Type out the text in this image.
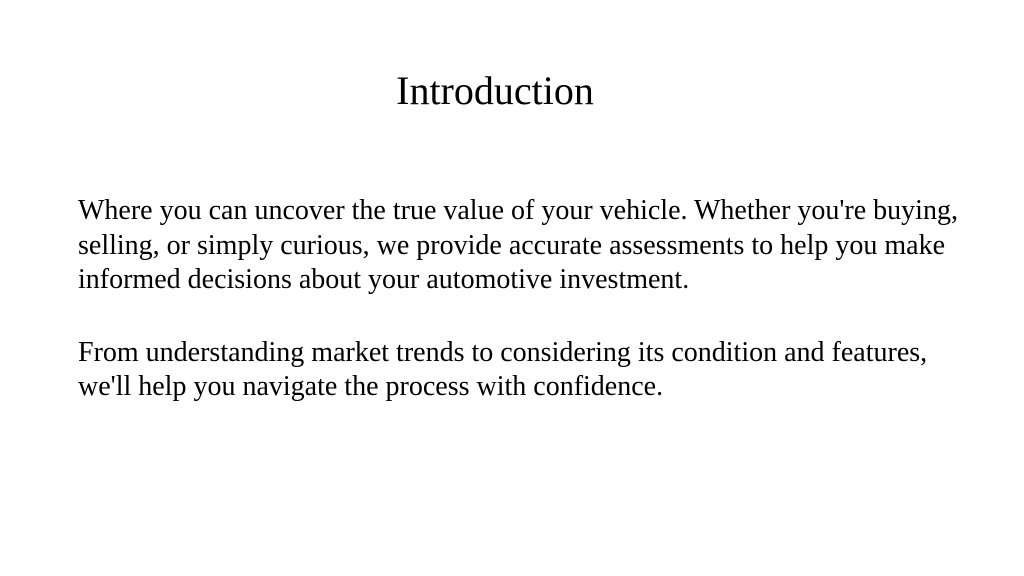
Introduction

Where you can uncover the true value of your vehicle. Whether you're buying, selling, or simply curious, we provide accurate assessments to help you make informed decisions about your automotive investment.

From understanding market trends to considering its condition and features, we'll help you navigate the process with confidence.
